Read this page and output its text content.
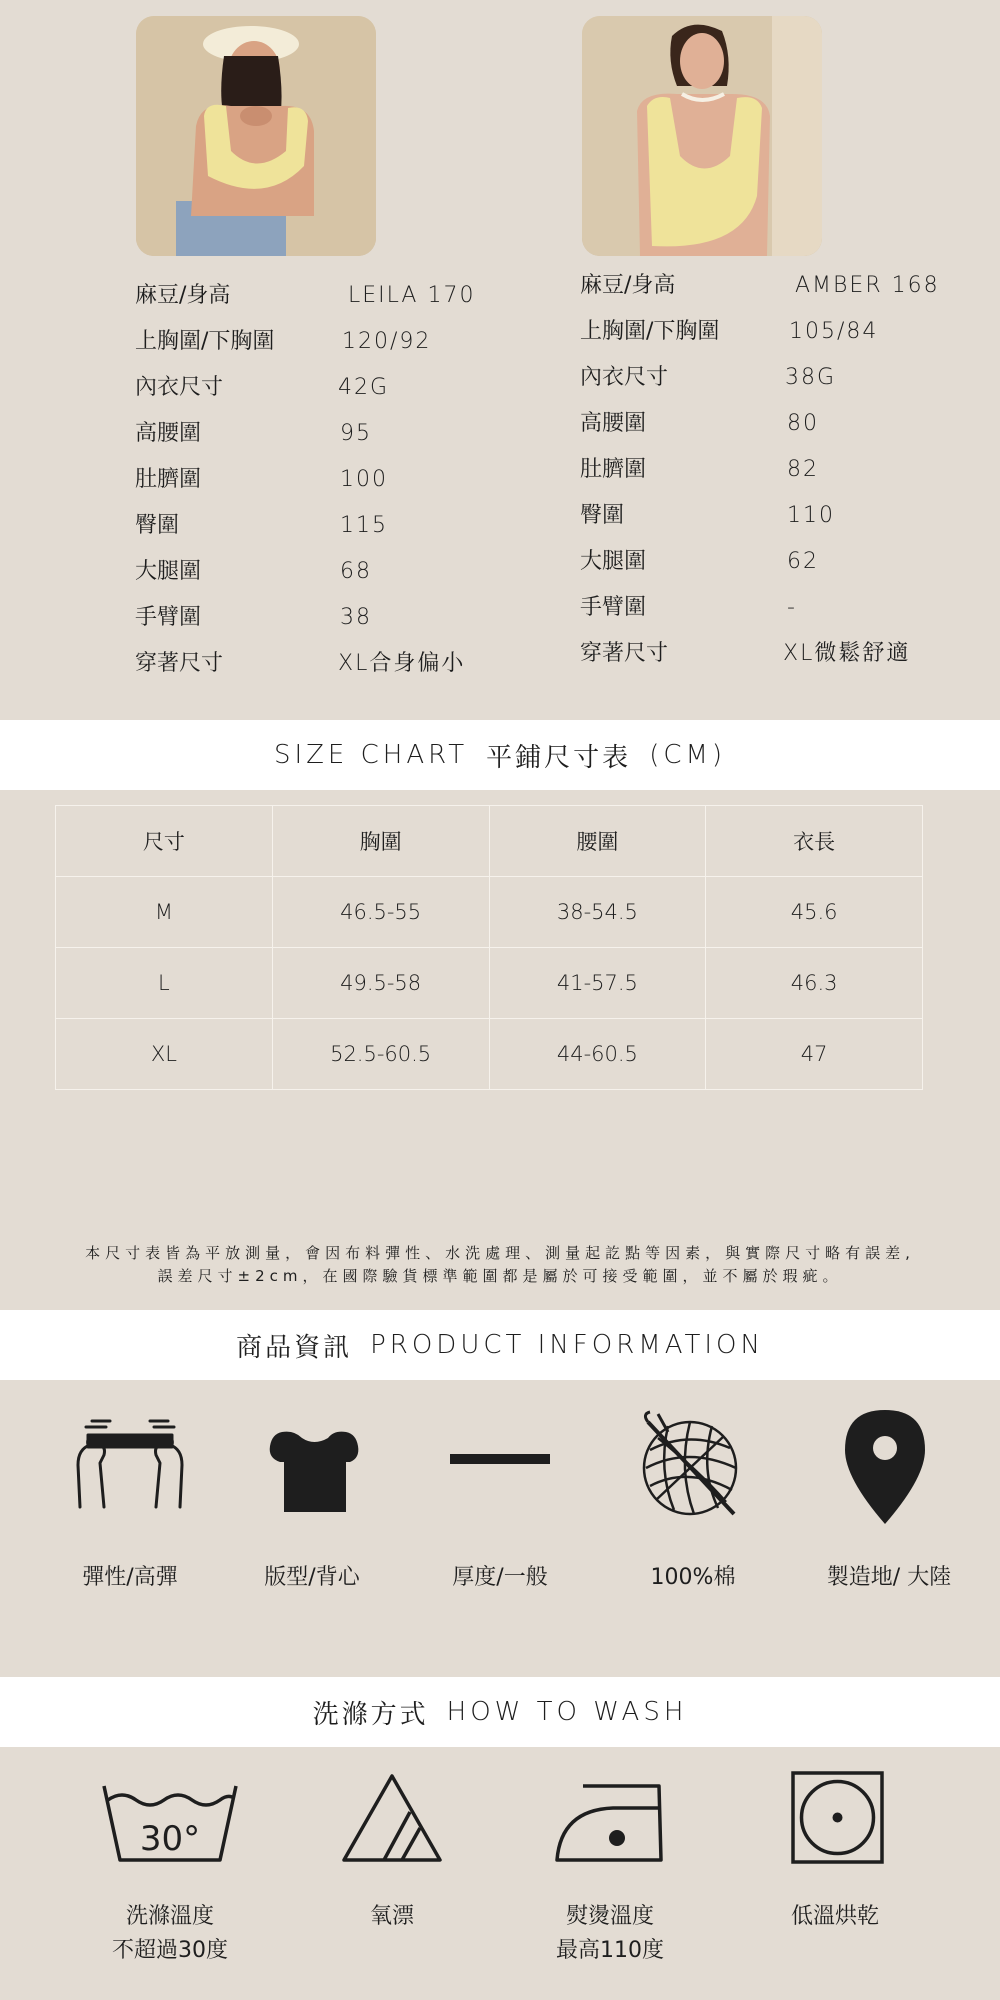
麻豆/身高	LEILA 170
上胸圍/下胸圍	120/92
內衣尺寸	42G
高腰圍	95
肚臍圍	100
臀圍	115
大腿圍	68
手臂圍	38
穿著尺寸	XL合身偏小
麻豆/身高	AMBER 168
上胸圍/下胸圍	105/84
內衣尺寸	38G
高腰圍	80
肚臍圍	82
臀圍	110
大腿圍	62
手臂圍	-
穿著尺寸	XL微鬆舒適
SIZE CHART 平鋪尺寸表 (CM)
尺寸	胸圍	腰圍	衣長
M	46.5-55	38-54.5	45.6
L	49.5-58	41-57.5	46.3
XL	52.5-60.5	44-60.5	47
本尺寸表皆為平放測量，會因布料彈性、水洗處理、測量起訖點等因素，與實際尺寸略有誤差,
誤差尺寸±2cm，在國際驗貨標準範圍都是屬於可接受範圍，並不屬於瑕疵。
商品資訊 PRODUCT INFORMATION
彈性/高彈	版型/背心	厚度/一般	100%棉	製造地/ 大陸
洗滌方式 HOW TO WASH
30°
洗滌溫度
不超過30度
氧漂	熨燙溫度
最高110度
低溫烘乾
